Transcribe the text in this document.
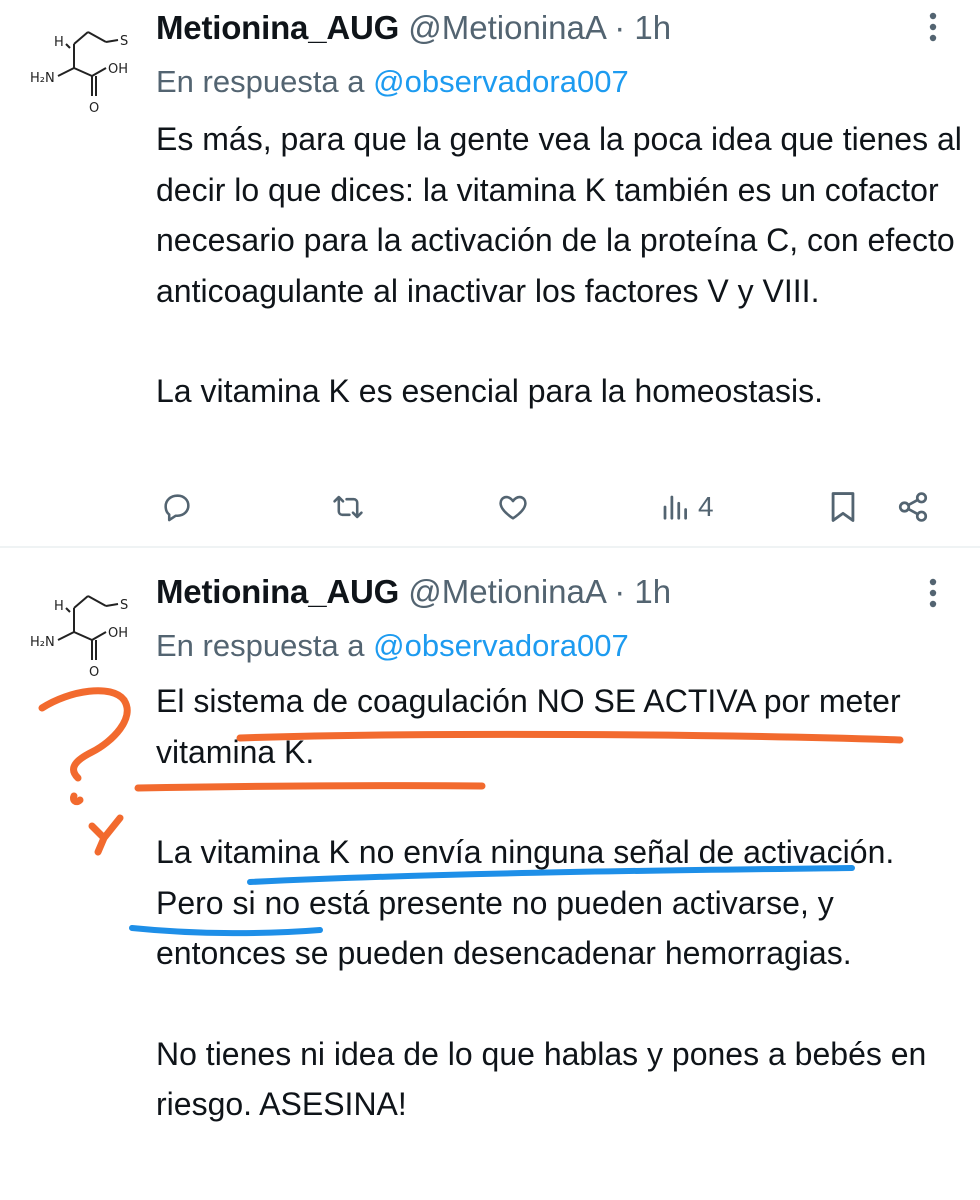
S
H
OH
O
H₂N
Metionina_AUG @MetioninaA · 1h
En respuesta a @observadora007

Es más, para que la gente vea la poca idea que tienes al decir lo que dices: la vitamina K también es un cofactor necesario para la activación de la proteína C, con efecto anticoagulante al inactivar los factores V y VIII.

La vitamina K es esencial para la homeostasis.

4
S
H
OH
O
H₂N
Metionina_AUG @MetioninaA · 1h
En respuesta a @observadora007

El sistema de coagulación NO SE ACTIVA por meter vitamina K.

La vitamina K no envía ninguna señal de activación. Pero si no está presente no pueden activarse, y entonces se pueden desencadenar hemorragias.

No tienes ni idea de lo que hablas y pones a bebés en riesgo. ASESINA!
